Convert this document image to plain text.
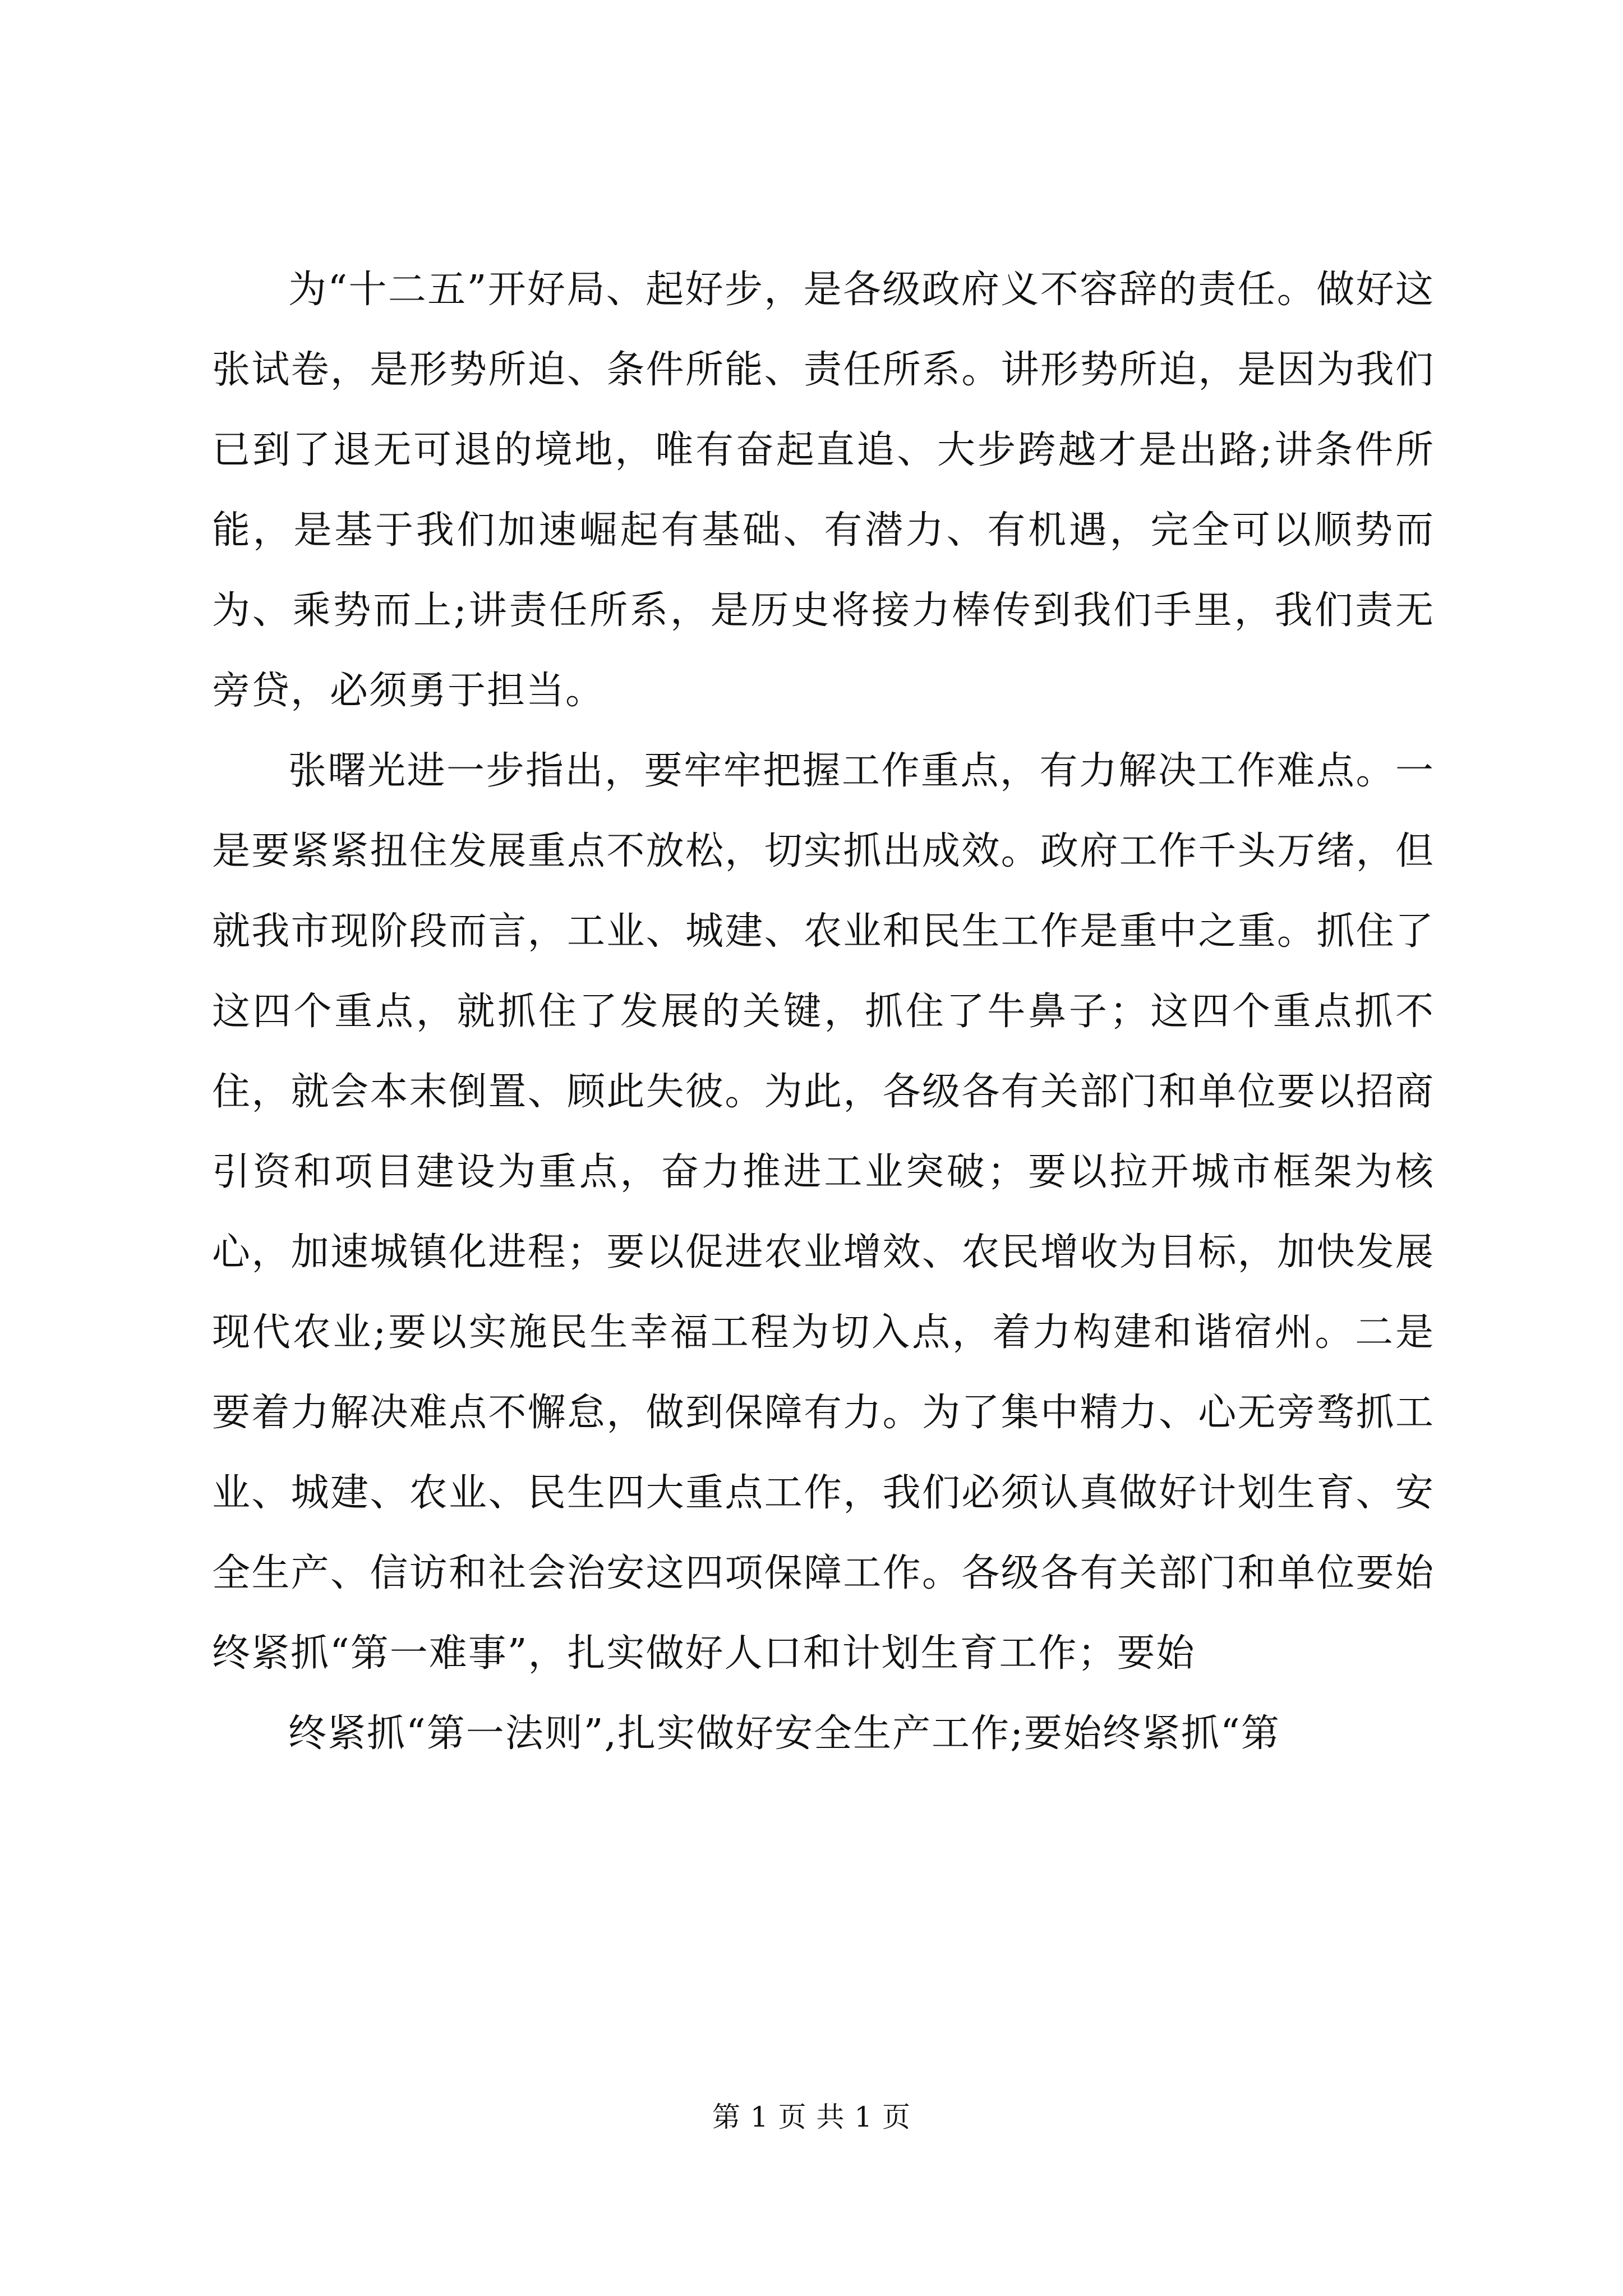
为“十二五”开好局、起好步，是各级政府义不容辞的责任。做好这张试卷，是形势所迫、条件所能、责任所系。讲形势所迫，是因为我们已到了退无可退的境地，唯有奋起直追、大步跨越才是出路;讲条件所能，是基于我们加速崛起有基础、有潜力、有机遇，完全可以顺势而为、乘势而上;讲责任所系，是历史将接力棒传到我们手里，我们责无旁贷，必须勇于担当。

张曙光进一步指出，要牢牢把握工作重点，有力解决工作难点。一是要紧紧扭住发展重点不放松，切实抓出成效。政府工作千头万绪，但就我市现阶段而言，工业、城建、农业和民生工作是重中之重。抓住了这四个重点，就抓住了发展的关键，抓住了牛鼻子；这四个重点抓不住，就会本末倒置、顾此失彼。为此，各级各有关部门和单位要以招商引资和项目建设为重点，奋力推进工业突破；要以拉开城市框架为核心，加速城镇化进程；要以促进农业增效、农民增收为目标，加快发展现代农业;要以实施民生幸福工程为切入点，着力构建和谐宿州。二是要着力解决难点不懈怠，做到保障有力。为了集中精力、心无旁骛抓工业、城建、农业、民生四大重点工作，我们必须认真做好计划生育、安全生产、信访和社会治安这四项保障工作。各级各有关部门和单位要始终紧抓“第一难事”，扎实做好人口和计划生育工作；要始

终紧抓“第一法则”,扎实做好安全生产工作;要始终紧抓“第

第 1 页 共 1 页
